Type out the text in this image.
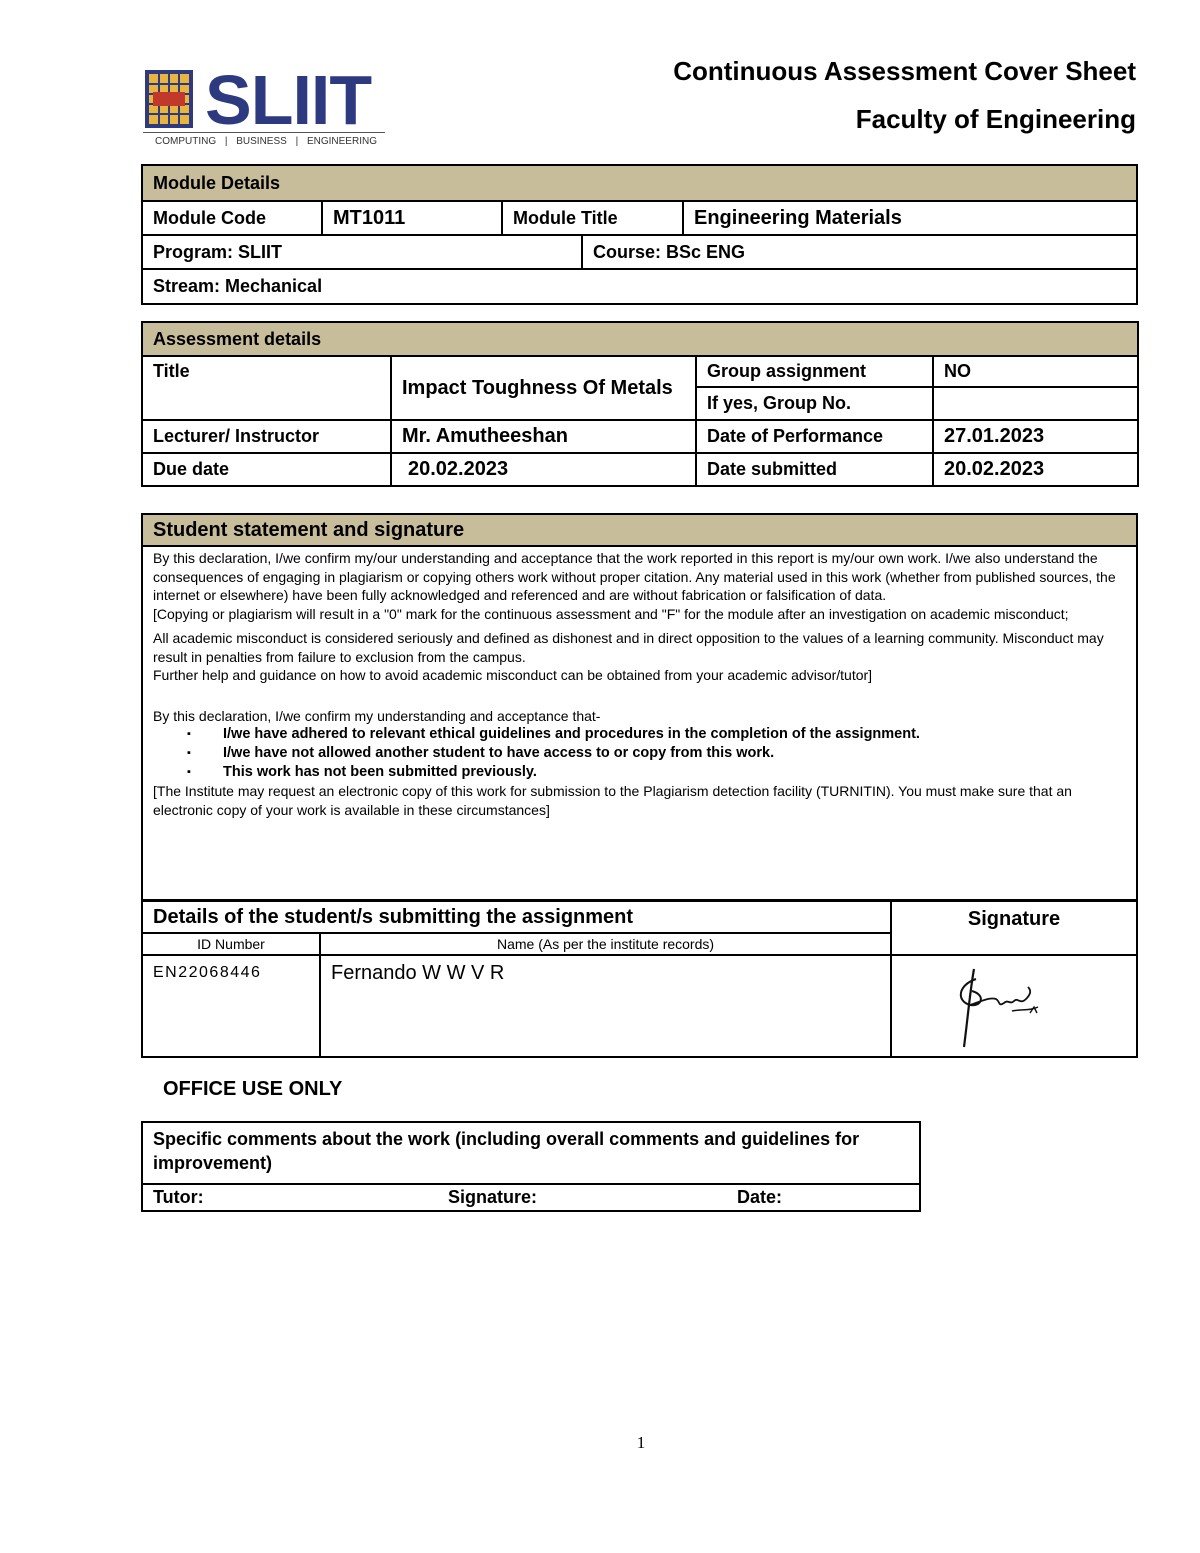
SLIIT
COMPUTING | BUSINESS | ENGINEERING
Continuous Assessment Cover Sheet
Faculty of Engineering
Module Details				
Module Code	MT1011	Module Title		Engineering Materials
Program: SLIIT			Course: BSc ENG	
Stream: Mechanical				
Assessment details			
Title	Impact Toughness Of Metals	Group assignment	NO
		If yes, Group No.	
Lecturer/ Instructor	Mr. Amutheeshan	Date of Performance	27.01.2023
Due date	20.02.2023	Date submitted	20.02.2023
Student statement and signature

By this declaration, I/we confirm my/our understanding and acceptance that the work reported in this report is my/our own work. I/we also understand the consequences of engaging in plagiarism or copying others work without proper citation. Any material used in this work (whether from published sources, the internet or elsewhere) have been fully acknowledged and referenced and are without fabrication or falsification of data.

[Copying or plagiarism will result in a "0" mark for the continuous assessment and "F" for the module after an investigation on academic misconduct;

All academic misconduct is considered seriously and defined as dishonest and in direct opposition to the values of a learning community. Misconduct may result in penalties from failure to exclusion from the campus.

Further help and guidance on how to avoid academic misconduct can be obtained from your academic advisor/tutor]

By this declaration, I/we confirm my understanding and acceptance that-

▪ I/we have adhered to relevant ethical guidelines and procedures in the completion of the assignment.
▪ I/we have not allowed another student to have access to or copy from this work.
▪ This work has not been submitted previously.

[The Institute may request an electronic copy of this work for submission to the Plagiarism detection facility (TURNITIN). You must make sure that an electronic copy of your work is available in these circumstances]

Details of the student/s submitting the assignment		Signature
ID Number	Name (As per the institute records)	
EN22068446	Fernando W W V R	
OFFICE USE ONLY
Specific comments about the work (including overall comments and guidelines for improvement)
Tutor:	Signature:	Date:
1
